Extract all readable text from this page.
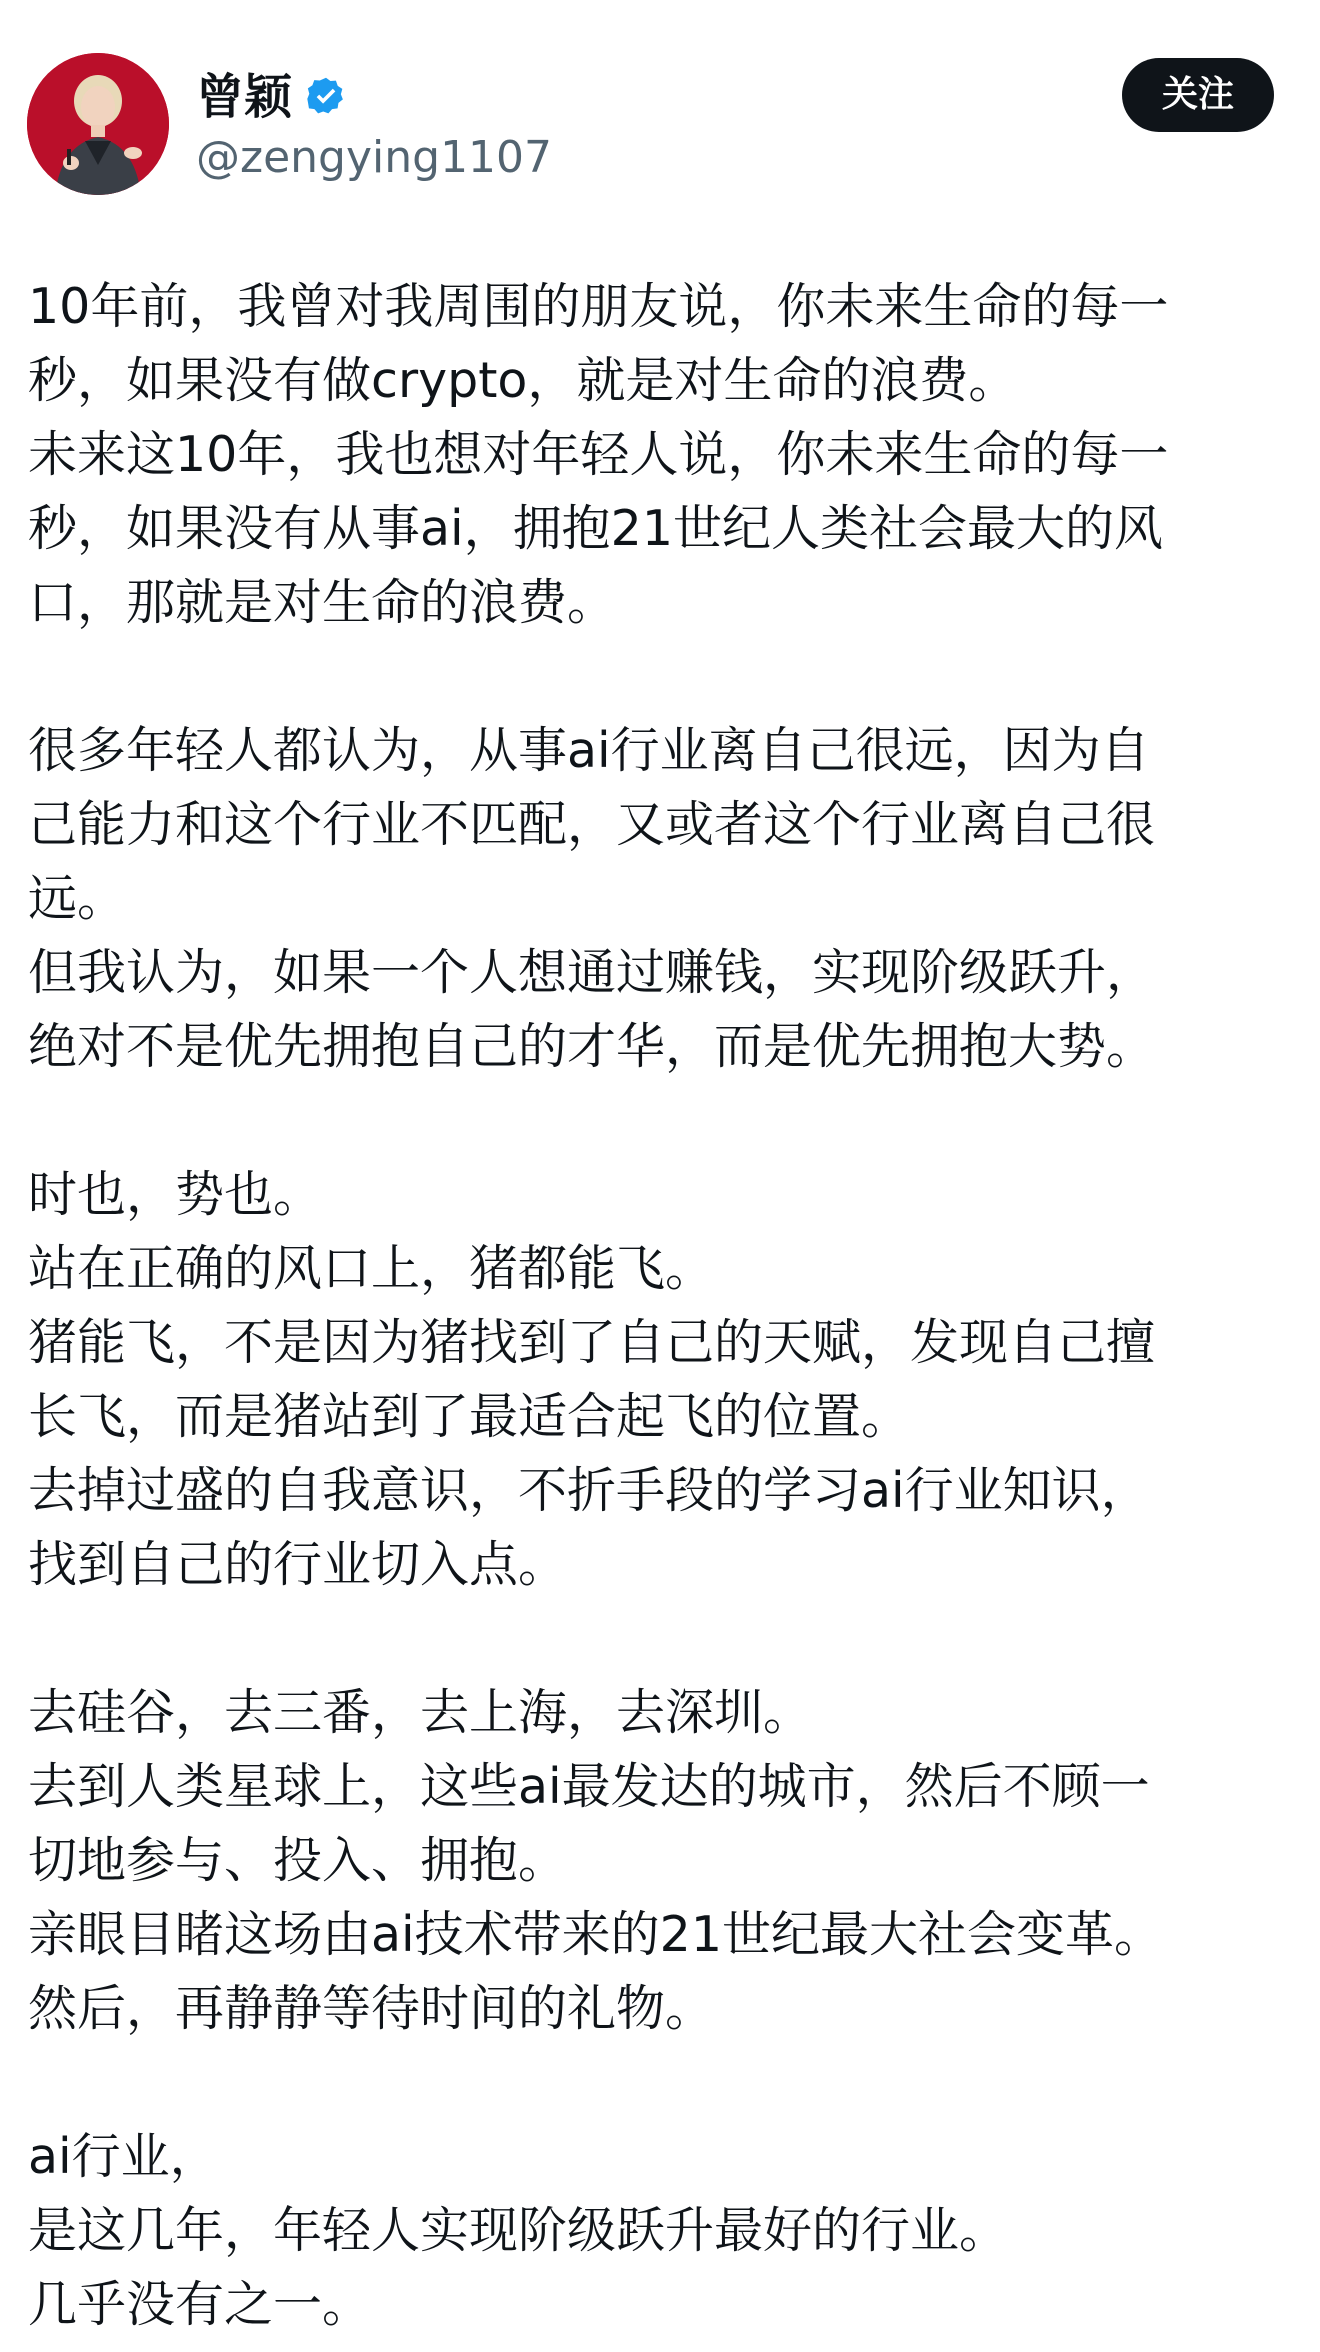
曾颖
@zengying1107
关注
10年前，我曾对我周围的朋友说，你未来生命的每一
秒，如果没有做crypto，就是对生命的浪费。
未来这10年，我也想对年轻人说，你未来生命的每一
秒，如果没有从事ai，拥抱21世纪人类社会最大的风
口，那就是对生命的浪费。
很多年轻人都认为，从事ai行业离自己很远，因为自
己能力和这个行业不匹配，又或者这个行业离自己很
远。
但我认为，如果一个人想通过赚钱，实现阶级跃升，
绝对不是优先拥抱自己的才华，而是优先拥抱大势。
时也，势也。
站在正确的风口上，猪都能飞。
猪能飞，不是因为猪找到了自己的天赋，发现自己擅
长飞，而是猪站到了最适合起飞的位置。
去掉过盛的自我意识，不折手段的学习ai行业知识，
找到自己的行业切入点。
去硅谷，去三番，去上海，去深圳。
去到人类星球上，这些ai最发达的城市，然后不顾一
切地参与、投入、拥抱。
亲眼目睹这场由ai技术带来的21世纪最大社会变革。
然后，再静静等待时间的礼物。
ai行业，
是这几年，年轻人实现阶级跃升最好的行业。
几乎没有之一。
